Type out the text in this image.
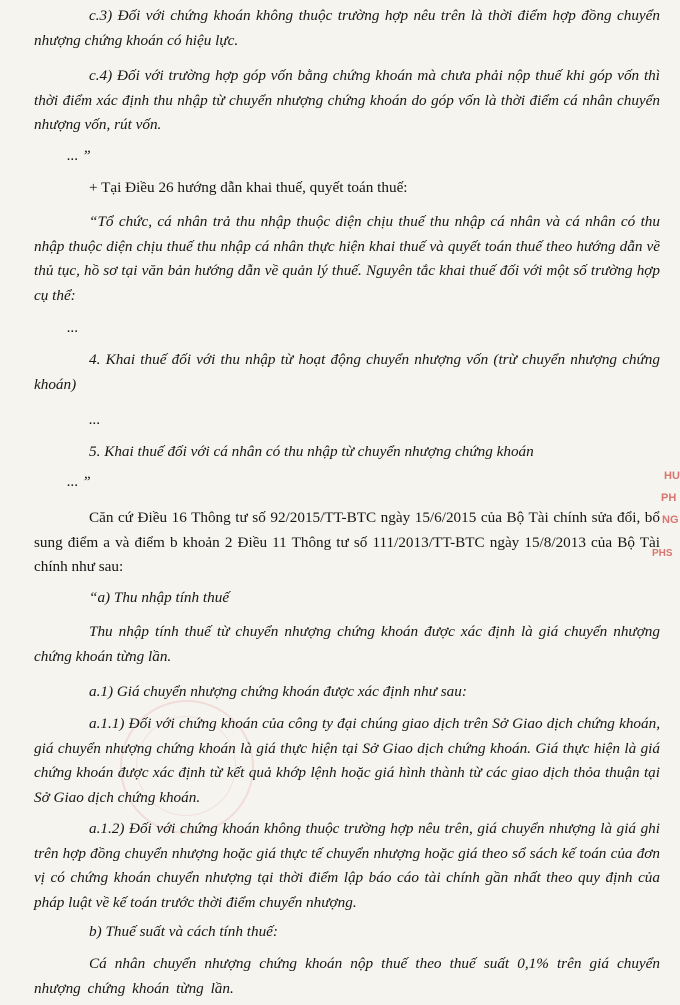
c.3) Đối với chứng khoán không thuộc trường hợp nêu trên là thời điểm hợp đồng chuyển nhượng chứng khoán có hiệu lực.

c.4) Đối với trường hợp góp vốn bằng chứng khoán mà chưa phải nộp thuế khi góp vốn thì thời điểm xác định thu nhập từ chuyển nhượng chứng khoán do góp vốn là thời điểm cá nhân chuyển nhượng vốn, rút vốn.

... ”

+ Tại Điều 26 hướng dẫn khai thuế, quyết toán thuế:

“Tổ chức, cá nhân trả thu nhập thuộc diện chịu thuế thu nhập cá nhân và cá nhân có thu nhập thuộc diện chịu thuế thu nhập cá nhân thực hiện khai thuế và quyết toán thuế theo hướng dẫn về thủ tục, hồ sơ tại văn bản hướng dẫn về quản lý thuế. Nguyên tắc khai thuế đối với một số trường hợp cụ thể:

...

4. Khai thuế đối với thu nhập từ hoạt động chuyển nhượng vốn (trừ chuyển nhượng chứng khoán)

...

5. Khai thuế đối với cá nhân có thu nhập từ chuyển nhượng chứng khoán

... ”

Căn cứ Điều 16 Thông tư số 92/2015/TT-BTC ngày 15/6/2015 của Bộ Tài chính sửa đổi, bổ sung điểm a và điểm b khoản 2 Điều 11 Thông tư số 111/2013/TT-BTC ngày 15/8/2013 của Bộ Tài chính như sau:

“a) Thu nhập tính thuế

Thu nhập tính thuế từ chuyển nhượng chứng khoán được xác định là giá chuyển nhượng chứng khoán từng lần.

a.1) Giá chuyển nhượng chứng khoán được xác định như sau:

a.1.1) Đối với chứng khoán của công ty đại chúng giao dịch trên Sở Giao dịch chứng khoán, giá chuyển nhượng chứng khoán là giá thực hiện tại Sở Giao dịch chứng khoán. Giá thực hiện là giá chứng khoán được xác định từ kết quả khớp lệnh hoặc giá hình thành từ các giao dịch thỏa thuận tại Sở Giao dịch chứng khoán.

a.1.2) Đối với chứng khoán không thuộc trường hợp nêu trên, giá chuyển nhượng là giá ghi trên hợp đồng chuyển nhượng hoặc giá thực tế chuyển nhượng hoặc giá theo sổ sách kế toán của đơn vị có chứng khoán chuyển nhượng tại thời điểm lập báo cáo tài chính gần nhất theo quy định của pháp luật về kế toán trước thời điểm chuyển nhượng.

b) Thuế suất và cách tính thuế:

Cá nhân chuyển nhượng chứng khoán nộp thuế theo thuế suất 0,1% trên giá chuyển nhượng chứng khoán từng lần.

HU
PH
NG
PHS
